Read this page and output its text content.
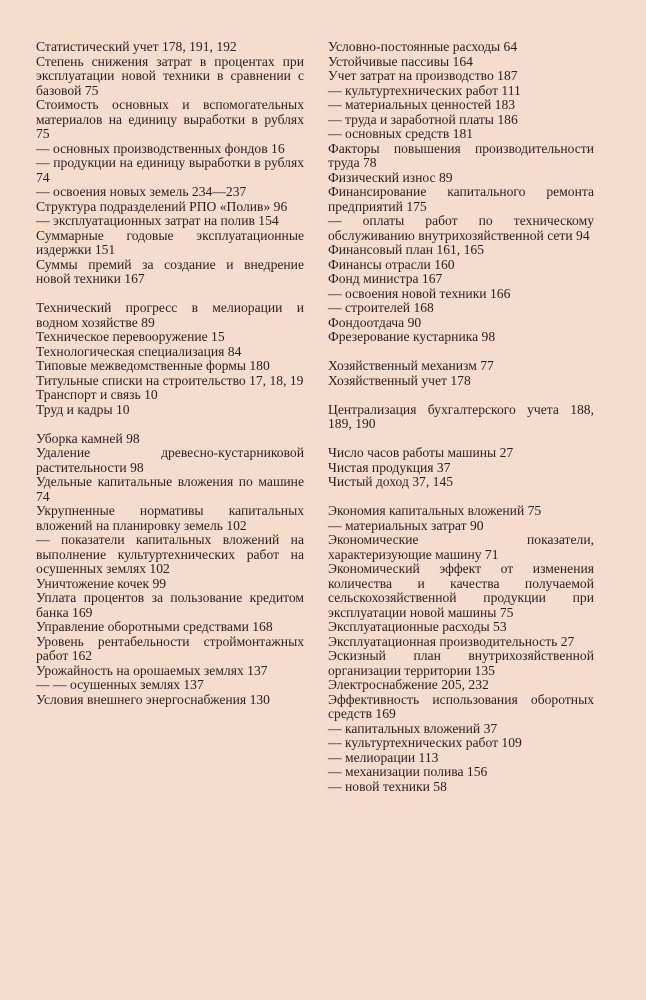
Статистический учет 178, 191, 192

Степень снижения затрат в процентах при эксплуатации новой техники в сравнении с базовой 75

Стоимость основных и вспомогательных материалов на единицу выработки в рублях 75

— основных производственных фондов 16

— продукции на единицу выработки в рублях 74

— освоения новых земель 234—237

Структура подразделений РПО «Полив» 96

— эксплуатационных затрат на полив 154

Суммарные годовые эксплуатационные издержки 151

Суммы премий за создание и внедрение новой техники 167

Технический прогресс в мелиорации и водном хозяйстве 89

Техническое перевооружение 15

Технологическая специализация 84

Типовые межведомственные формы 180

Титульные списки на строительство 17, 18, 19

Транспорт и связь 10

Труд и кадры 10

Уборка камней 98

Удаление древесно-кустарниковой растительности 98

Удельные капитальные вложения по машине 74

Укрупненные нормативы капитальных вложений на планировку земель 102

— показатели капитальных вложений на выполнение культуртехнических работ на осушенных землях 102

Уничтожение кочек 99

Уплата процентов за пользование кредитом банка 169

Управление оборотными средствами 168

Уровень рентабельности строймонтажных работ 162

Урожайность на орошаемых землях 137

— — осушенных землях 137

Условия внешнего энергоснабжения 130

Условно-постоянные расходы 64

Устойчивые пассивы 164

Учет затрат на производство 187

— культуртехнических работ 111

— материальных ценностей 183

— труда и заработной платы 186

— основных средств 181

Факторы повышения производительности труда 78

Физический износ 89

Финансирование капитального ремонта предприятий 175

— оплаты работ по техническому обслуживанию внутрихозяйственной сети 94

Финансовый план 161, 165

Финансы отрасли 160

Фонд министра 167

— освоения новой техники 166

— строителей 168

Фондоотдача 90

Фрезерование кустарника 98

Хозяйственный механизм 77

Хозяйственный учет 178

Централизация бухгалтерского учета 188, 189, 190

Число часов работы машины 27

Чистая продукция 37

Чистый доход 37, 145

Экономия капитальных вложений 75

— материальных затрат 90

Экономические показатели, характеризующие машину 71

Экономический эффект от изменения количества и качества получаемой сельскохозяйственной продукции при эксплуатации новой машины 75

Эксплуатационные расходы 53

Эксплуатационная производительность 27

Эскизный план внутрихозяйственной организации территории 135

Электроснабжение 205, 232

Эффективность использования оборотных средств 169

— капитальных вложений 37

— культуртехнических работ 109

— мелиорации 113

— механизации полива 156

— новой техники 58
